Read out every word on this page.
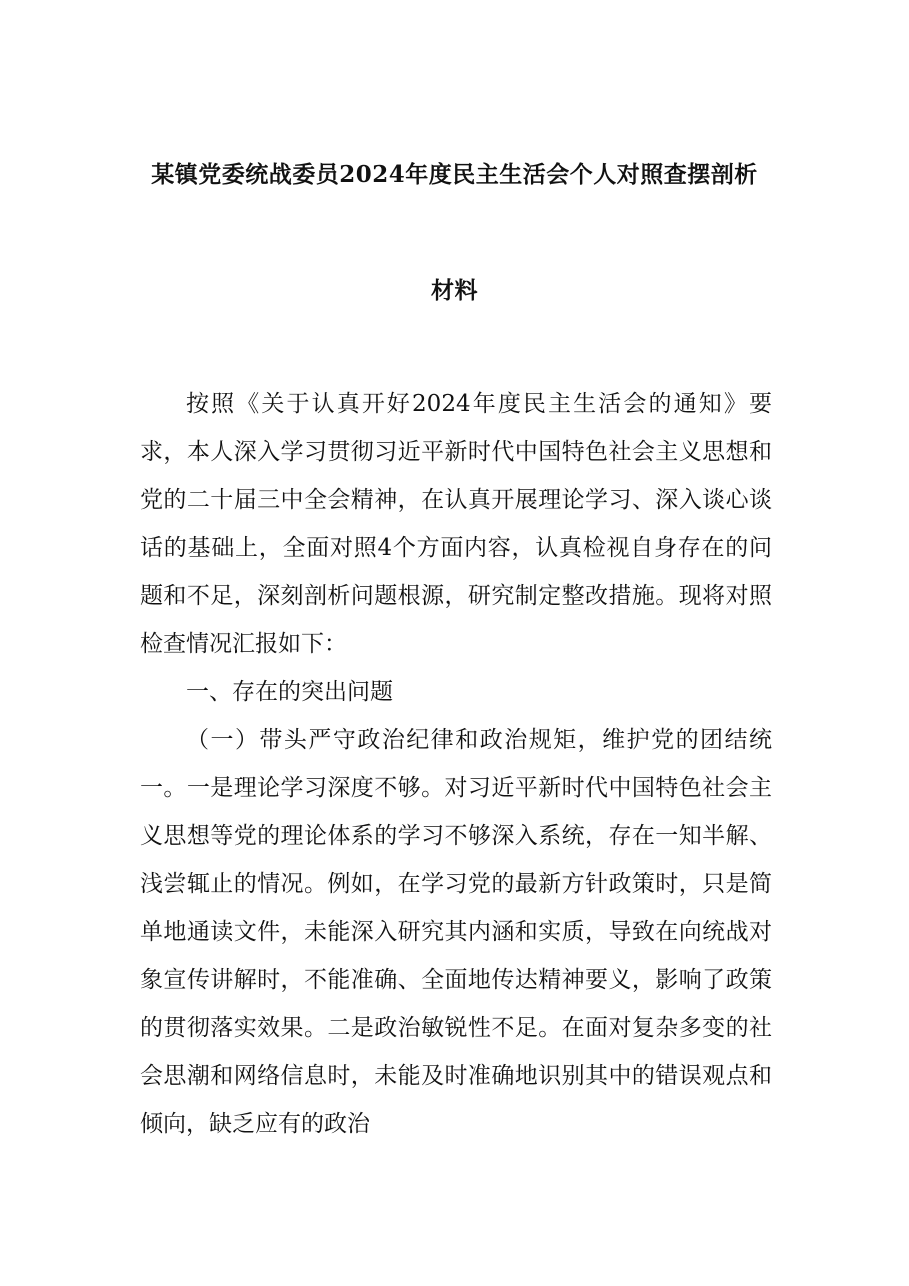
某镇党委统战委员2024年度民主生活会个人对照查摆剖析
材料

按照《关于认真开好2024年度民主生活会的通知》要求，本人深入学习贯彻习近平新时代中国特色社会主义思想和党的二十届三中全会精神，在认真开展理论学习、深入谈心谈话的基础上，全面对照4个方面内容，认真检视自身存在的问题和不足，深刻剖析问题根源，研究制定整改措施。现将对照检查情况汇报如下：

一、存在的突出问题

（一）带头严守政治纪律和政治规矩，维护党的团结统一。一是理论学习深度不够。对习近平新时代中国特色社会主义思想等党的理论体系的学习不够深入系统，存在一知半解、浅尝辄止的情况。例如，在学习党的最新方针政策时，只是简单地通读文件，未能深入研究其内涵和实质，导致在向统战对象宣传讲解时，不能准确、全面地传达精神要义，影响了政策的贯彻落实效果。二是政治敏锐性不足。在面对复杂多变的社会思潮和网络信息时，未能及时准确地识别其中的错误观点和倾向，缺乏应有的政治
